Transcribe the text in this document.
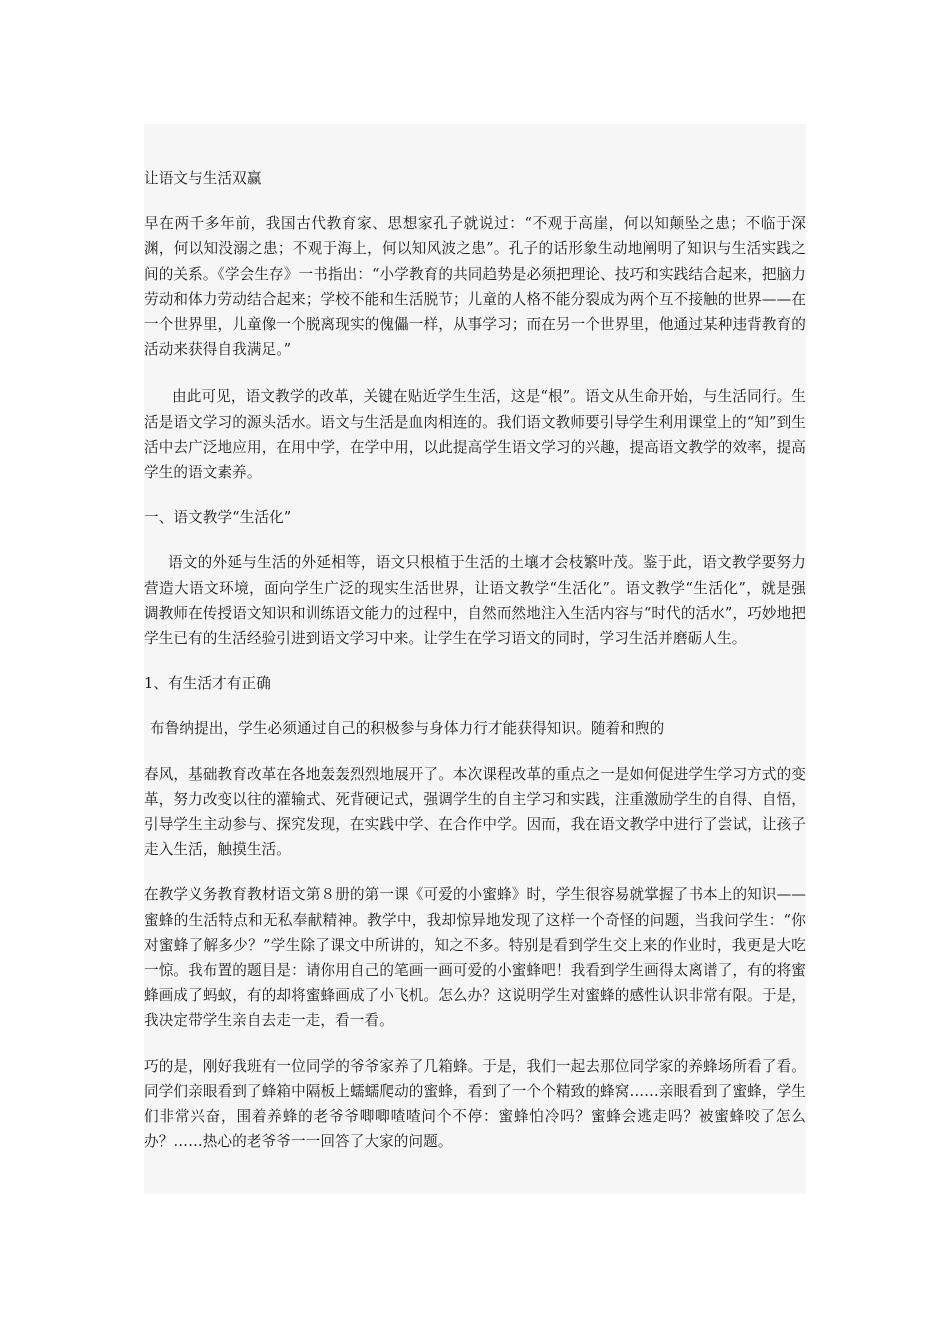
让语文与生活双赢

早在两千多年前，我国古代教育家、思想家孔子就说过：“不观于高崖，何以知颠坠之患；不临于深渊，何以知没溺之患；不观于海上，何以知风波之患”。孔子的话形象生动地阐明了知识与生活实践之间的关系。《学会生存》一书指出：“小学教育的共同趋势是必须把理论、技巧和实践结合起来，把脑力劳动和体力劳动结合起来；学校不能和生活脱节；儿童的人格不能分裂成为两个互不接触的世界——在一个世界里，儿童像一个脱离现实的傀儡一样，从事学习；而在另一个世界里，他通过某种违背教育的活动来获得自我满足。”

由此可见，语文教学的改革，关键在贴近学生生活，这是“根”。语文从生命开始，与生活同行。生活是语文学习的源头活水。语文与生活是血肉相连的。我们语文教师要引导学生利用课堂上的“知”到生活中去广泛地应用，在用中学，在学中用，以此提高学生语文学习的兴趣，提高语文教学的效率，提高学生的语文素养。

一、语文教学“生活化”

语文的外延与生活的外延相等，语文只根植于生活的土壤才会枝繁叶茂。鉴于此，语文教学要努力营造大语文环境，面向学生广泛的现实生活世界，让语文教学“生活化”。语文教学“生活化”，就是强调教师在传授语文知识和训练语文能力的过程中，自然而然地注入生活内容与“时代的活水”，巧妙地把学生已有的生活经验引进到语文学习中来。让学生在学习语文的同时，学习生活并磨砺人生。

1、有生活才有正确

布鲁纳提出，学生必须通过自己的积极参与身体力行才能获得知识。随着和煦的

春风，基础教育改革在各地轰轰烈烈地展开了。本次课程改革的重点之一是如何促进学生学习方式的变革，努力改变以往的灌输式、死背硬记式，强调学生的自主学习和实践，注重激励学生的自得、自悟，引导学生主动参与、探究发现，在实践中学、在合作中学。因而，我在语文教学中进行了尝试，让孩子走入生活，触摸生活。

在教学义务教育教材语文第８册的第一课《可爱的小蜜蜂》时，学生很容易就掌握了书本上的知识——蜜蜂的生活特点和无私奉献精神。教学中，我却惊异地发现了这样一个奇怪的问题，当我问学生：“你对蜜蜂了解多少？”学生除了课文中所讲的，知之不多。特别是看到学生交上来的作业时，我更是大吃一惊。我布置的题目是：请你用自己的笔画一画可爱的小蜜蜂吧！我看到学生画得太离谱了，有的将蜜蜂画成了蚂蚁，有的却将蜜蜂画成了小飞机。怎么办？这说明学生对蜜蜂的感性认识非常有限。于是，我决定带学生亲自去走一走，看一看。

巧的是，刚好我班有一位同学的爷爷家养了几箱蜂。于是，我们一起去那位同学家的养蜂场所看了看。同学们亲眼看到了蜂箱中隔板上蠕蠕爬动的蜜蜂，看到了一个个精致的蜂窝……亲眼看到了蜜蜂，学生们非常兴奋，围着养蜂的老爷爷唧唧喳喳问个不停：蜜蜂怕冷吗？蜜蜂会逃走吗？被蜜蜂咬了怎么办？……热心的老爷爷一一回答了大家的问题。
